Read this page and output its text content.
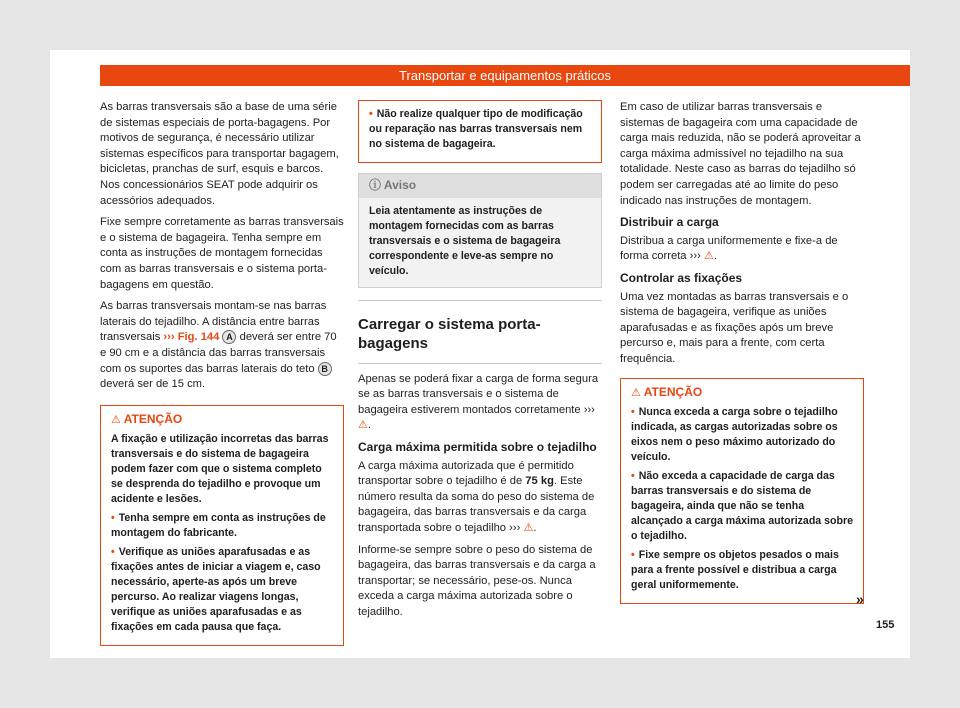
Transportar e equipamentos práticos

As barras transversais são a base de uma série de sistemas especiais de porta-bagagens. Por motivos de segurança, é necessário utilizar sistemas específicos para transportar bagagem, bicicletas, pranchas de surf, esquis e barcos. Nos concessionários SEAT pode adquirir os acessórios adequados.

Fixe sempre corretamente as barras transversais e o sistema de bagageira. Tenha sempre em conta as instruções de montagem fornecidas com as barras transversais e o sistema porta-bagagens em questão.

As barras transversais montam-se nas barras laterais do tejadilho. A distância entre barras transversais ››› Fig. 144 A deverá ser entre 70 e 90 cm e a distância das barras transversais com os suportes das barras laterais do teto B deverá ser de 15 cm.

⚠ ATENÇÃO

A fixação e utilização incorretas das barras transversais e do sistema de bagageira podem fazer com que o sistema completo se desprenda do tejadilho e provoque um acidente e lesões.

• Tenha sempre em conta as instruções de montagem do fabricante.

• Verifique as uniões aparafusadas e as fixações antes de iniciar a viagem e, caso necessário, aperte-as após um breve percurso. Ao realizar viagens longas, verifique as uniões aparafusadas e as fixações em cada pausa que faça.

• Não realize qualquer tipo de modificação ou reparação nas barras transversais nem no sistema de bagageira.

ⓘ Aviso
Leia atentamente as instruções de montagem fornecidas com as barras transversais e o sistema de bagageira correspondente e leve-as sempre no veículo.
Carregar o sistema porta-bagagens

Apenas se poderá fixar a carga de forma segura se as barras transversais e o sistema de bagageira estiverem montados corretamente ››› ⚠.

Carga máxima permitida sobre o tejadilho

A carga máxima autorizada que é permitido transportar sobre o tejadilho é de 75 kg. Este número resulta da soma do peso do sistema de bagageira, das barras transversais e da carga transportada sobre o tejadilho ››› ⚠.

Informe-se sempre sobre o peso do sistema de bagageira, das barras transversais e da carga a transportar; se necessário, pese-os. Nunca exceda a carga máxima autorizada sobre o tejadilho.

Em caso de utilizar barras transversais e sistemas de bagageira com uma capacidade de carga mais reduzida, não se poderá aproveitar a carga máxima admissível no tejadilho na sua totalidade. Neste caso as barras do tejadilho só podem ser carregadas até ao limite do peso indicado nas instruções de montagem.

Distribuir a carga

Distribua a carga uniformemente e fixe-a de forma correta ››› ⚠.

Controlar as fixações

Uma vez montadas as barras transversais e o sistema de bagageira, verifique as uniões aparafusadas e as fixações após um breve percurso e, mais para a frente, com certa frequência.

⚠ ATENÇÃO

• Nunca exceda a carga sobre o tejadilho indicada, as cargas autorizadas sobre os eixos nem o peso máximo autorizado do veículo.

• Não exceda a capacidade de carga das barras transversais e do sistema de bagageira, ainda que não se tenha alcançado a carga máxima autorizada sobre o tejadilho.

• Fixe sempre os objetos pesados o mais para a frente possível e distribua a carga geral uniformemente.

»
155
